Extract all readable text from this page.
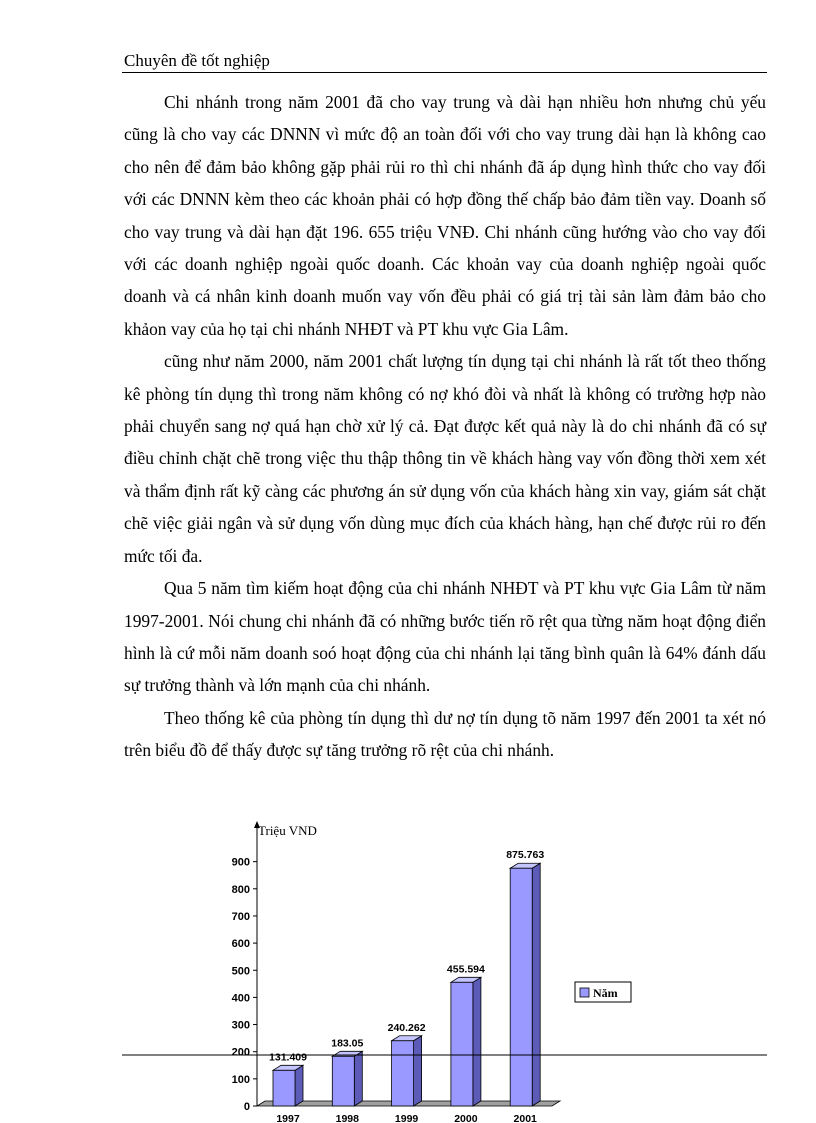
Chuyên đề tốt nghiệp

Chi nhánh trong năm 2001 đã cho vay trung và dài hạn nhiều hơn nhưng chủ yếu cũng là cho vay các DNNN vì mức độ an toàn đối với cho vay trung dài hạn là không cao cho nên để đảm bảo không gặp phải rủi ro thì chi nhánh đã áp dụng hình thức cho vay đối với các DNNN kèm theo các khoản phải có hợp đồng thế chấp bảo đảm tiền vay. Doanh số cho vay trung và dài hạn đặt 196. 655 triệu VNĐ. Chi nhánh cũng hướng vào cho vay đối với các doanh nghiệp ngoài quốc doanh. Các khoản vay của doanh nghiệp ngoài quốc doanh và cá nhân kinh doanh muốn vay vốn đều phải có giá trị tài sản làm đảm bảo cho khảon vay của họ tại chi nhánh NHĐT và PT khu vực Gia Lâm.

cũng như năm 2000, năm 2001 chất lượng tín dụng tại chi nhánh là rất tốt theo thống kê phòng tín dụng thì trong năm không có nợ khó đòi và nhất là không có trường hợp nào phải chuyển sang nợ quá hạn chờ xử lý cả. Đạt được kết quả này là do chi nhánh đã có sự điều chỉnh chặt chẽ trong việc thu thập thông tin về khách hàng vay vốn đồng thời xem xét và thẩm định rất kỹ càng các phương án sử dụng vốn của khách hàng xin vay, giám sát chặt chẽ việc giải ngân và sử dụng vốn dùng mục đích của khách hàng, hạn chế được rủi ro đến mức tối đa.

Qua 5 năm tìm kiếm hoạt động của chi nhánh NHĐT và PT khu vực Gia Lâm từ năm 1997-2001. Nói chung chi nhánh đã có những bước tiến rõ rệt qua từng năm hoạt động điển hình là cứ mỗi năm doanh soó hoạt động của chi nhánh lại tăng bình quân là 64% đánh dấu sự trưởng thành và lớn mạnh của chi nhánh.

Theo thống kê của phòng tín dụng thì dư nợ tín dụng tõ năm 1997 đến 2001 ta xét nó trên biểu đồ để thấy được sự tăng trưởng rõ rệt của chi nhánh.

Triệu VND
0
100
200
300
400
500
600
700
800
900
131.409
1997
183.05
1998
240.262
1999
455.594
2000
875.763
2001
Năm
